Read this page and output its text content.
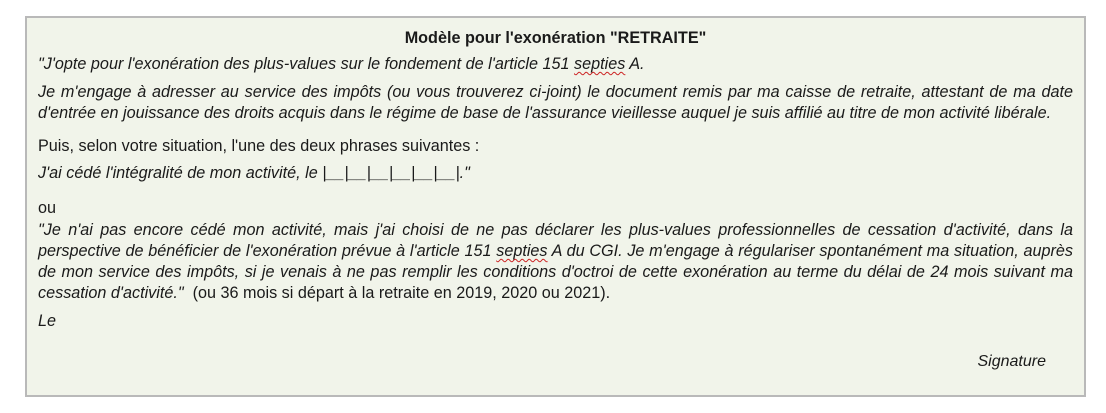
Modèle pour l'exonération "RETRAITE"

"J'opte pour l'exonération des plus-values sur le fondement de l'article 151 septies A.

Je m'engage à adresser au service des impôts (ou vous trouverez ci-joint) le document remis par ma caisse de retraite, attestant de ma date d'entrée en jouissance des droits acquis dans le régime de base de l'assurance vieillesse auquel je suis affilié au titre de mon activité libérale.

Puis, selon votre situation, l'une des deux phrases suivantes :

J'ai cédé l'intégralité de mon activité, le |__|__|__|__|__|__|."

ou

"Je n'ai pas encore cédé mon activité, mais j'ai choisi de ne pas déclarer les plus-values professionnelles de cessation d'activité, dans la perspective de bénéficier de l'exonération prévue à l'article 151 septies A du CGI. Je m'engage à régulariser spontanément ma situation, auprès de mon service des impôts, si je venais à ne pas remplir les conditions d'octroi de cette exonération au terme du délai de 24 mois suivant ma cessation d'activité."  (ou 36 mois si départ à la retraite en 2019, 2020 ou 2021).

Le

Signature
